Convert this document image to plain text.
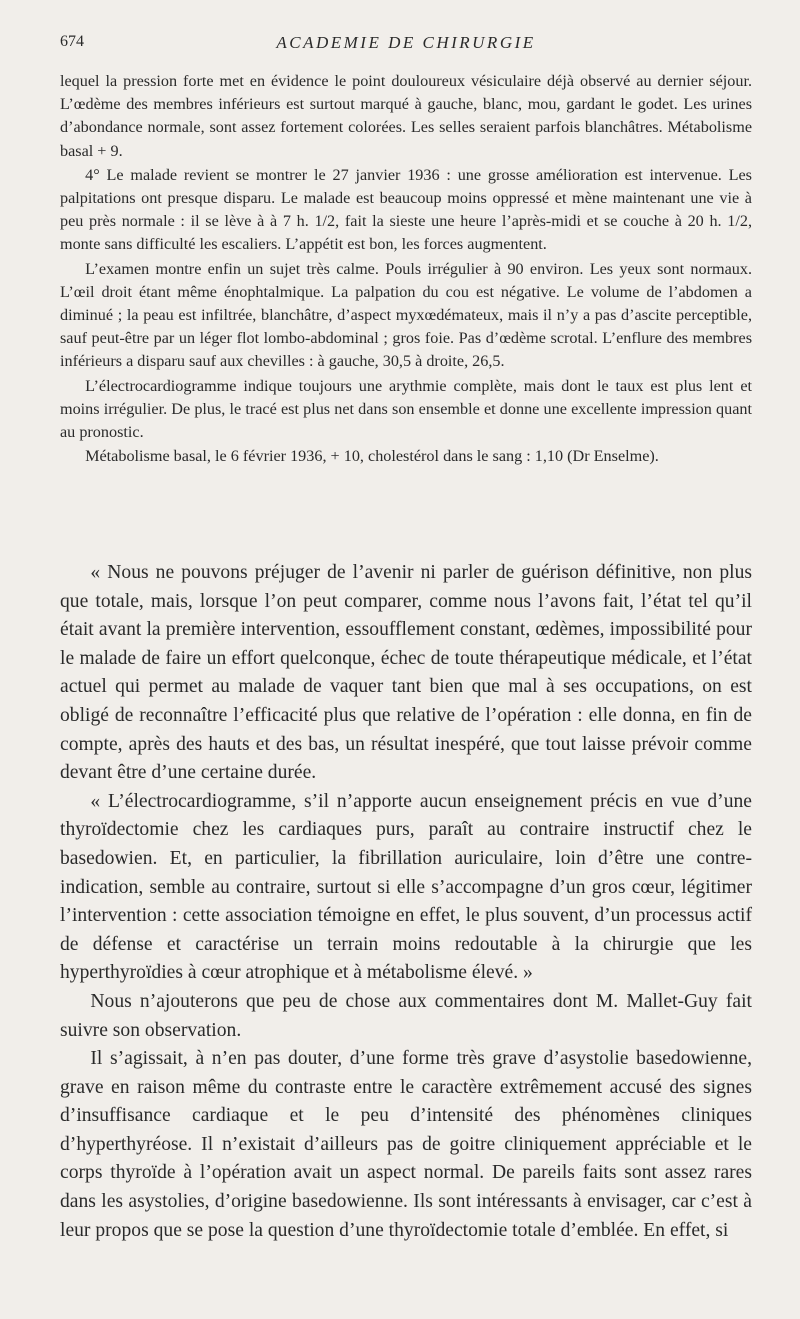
674	ACADEMIE DE CHIRURGIE

lequel la pression forte met en évidence le point douloureux vésiculaire déjà observé au dernier séjour. L’œdème des membres inférieurs est surtout marqué à gauche, blanc, mou, gardant le godet. Les urines d’abondance normale, sont assez fortement colorées. Les selles seraient parfois blanchâtres. Métabolisme basal + 9.

4° Le malade revient se montrer le 27 janvier 1936 : une grosse amélioration est intervenue. Les palpitations ont presque disparu. Le malade est beaucoup moins oppressé et mène maintenant une vie à peu près normale : il se lève à à 7 h. 1/2, fait la sieste une heure l’après-midi et se couche à 20 h. 1/2, monte sans difficulté les escaliers. L’appétit est bon, les forces augmentent.

L’examen montre enfin un sujet très calme. Pouls irrégulier à 90 environ. Les yeux sont normaux. L’œil droit étant même énophtalmique. La palpation du cou est négative. Le volume de l’abdomen a diminué ; la peau est infiltrée, blanchâtre, d’aspect myxœdémateux, mais il n’y a pas d’ascite perceptible, sauf peut-être par un léger flot lombo-abdominal ; gros foie. Pas d’œdème scrotal. L’enflure des membres inférieurs a disparu sauf aux chevilles : à gauche, 30,5 à droite, 26,5.

L’électrocardiogramme indique toujours une arythmie complète, mais dont le taux est plus lent et moins irrégulier. De plus, le tracé est plus net dans son ensemble et donne une excellente impression quant au pronostic.

Métabolisme basal, le 6 février 1936, + 10, cholestérol dans le sang : 1,10 (Dr Enselme).

« Nous ne pouvons préjuger de l’avenir ni parler de guérison définitive, non plus que totale, mais, lorsque l’on peut comparer, comme nous l’avons fait, l’état tel qu’il était avant la première intervention, essoufflement constant, œdèmes, impossibilité pour le malade de faire un effort quelconque, échec de toute thérapeutique médicale, et l’état actuel qui permet au malade de vaquer tant bien que mal à ses occupations, on est obligé de reconnaître l’efficacité plus que relative de l’opération : elle donna, en fin de compte, après des hauts et des bas, un résultat inespéré, que tout laisse prévoir comme devant être d’une certaine durée.

« L’électrocardiogramme, s’il n’apporte aucun enseignement précis en vue d’une thyroïdectomie chez les cardiaques purs, paraît au contraire instructif chez le basedowien. Et, en particulier, la fibrillation auriculaire, loin d’être une contre-indication, semble au contraire, surtout si elle s’accompagne d’un gros cœur, légitimer l’intervention : cette association témoigne en effet, le plus souvent, d’un processus actif de défense et caractérise un terrain moins redoutable à la chirurgie que les hyperthyroïdies à cœur atrophique et à métabolisme élevé. »

Nous n’ajouterons que peu de chose aux commentaires dont M. Mallet-Guy fait suivre son observation.

Il s’agissait, à n’en pas douter, d’une forme très grave d’asystolie basedowienne, grave en raison même du contraste entre le caractère extrêmement accusé des signes d’insuffisance cardiaque et le peu d’intensité des phénomènes cliniques d’hyperthyréose. Il n’existait d’ailleurs pas de goitre cliniquement appréciable et le corps thyroïde à l’opération avait un aspect normal. De pareils faits sont assez rares dans les asystolies, d’origine basedowienne. Ils sont intéressants à envisager, car c’est à leur propos que se pose la question d’une thyroïdectomie totale d’emblée. En effet, si
